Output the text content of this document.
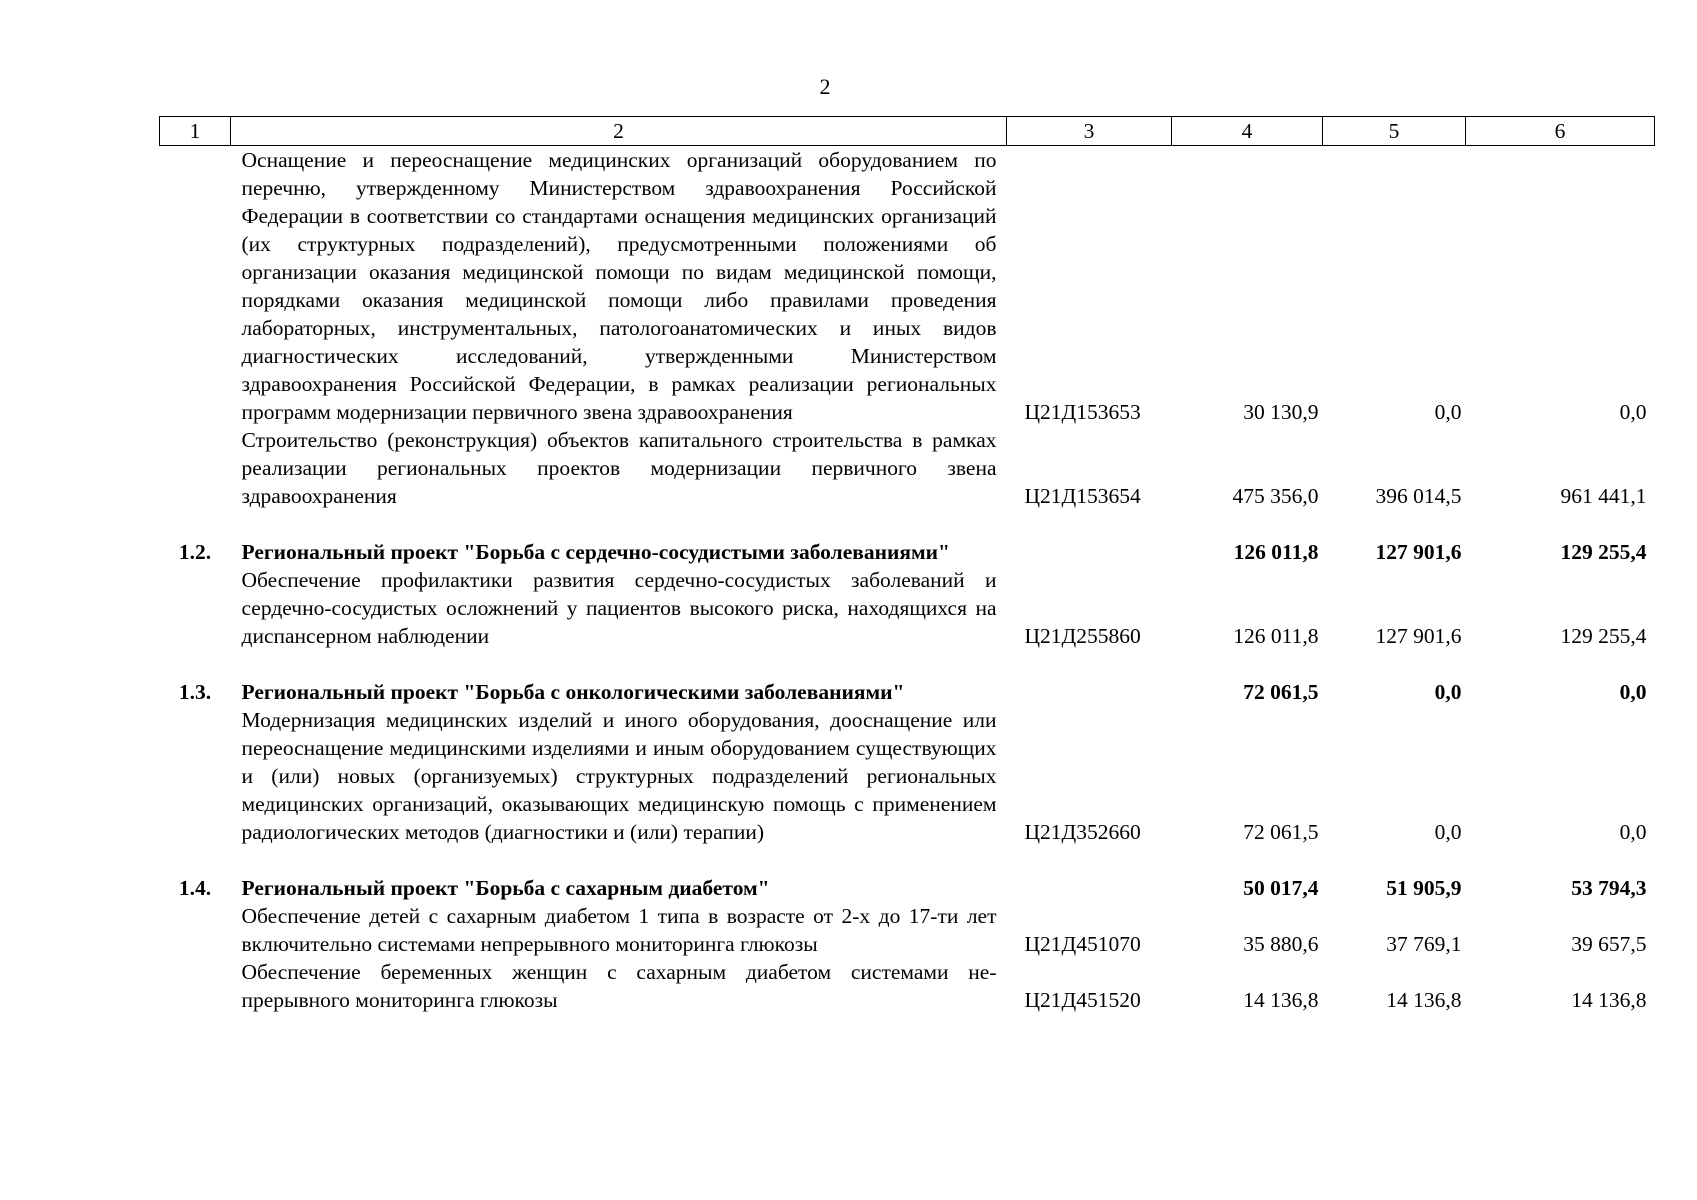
2
1	2	3	4	5	6
	Оснащение и переоснащение медицинских организаций оборудованием по перечню, утвержденному Министерством здравоохранения Российской Федерации в соответствии со стандартами оснащения медицинских организаций (их структурных подразделений), предусмотренными положениями об организации оказания медицинской помощи по видам медицинской помощи, порядками оказания медицинской помощи либо правилами проведения лабораторных, инструментальных, патологоанатомических и иных видов диагностических исследований, утвержденными Министерством здравоохранения Российской Федерации, в рамках реализации региональных программ модернизации первичного звена здравоохранения	Ц21Д153653	30 130,9	0,0	0,0
	Строительство (реконструкция) объектов капитального строительства в рамках реализации региональных проектов модернизации первичного звена здравоохранения	Ц21Д153654	475 356,0	396 014,5	961 441,1

1.2.	Региональный проект "Борьба с сердечно-сосудистыми заболеваниями"		126 011,8	127 901,6	129 255,4
	Обеспечение профилактики развития сердечно-сосудистых заболеваний и сердечно-сосудистых осложнений у пациентов высокого риска, находящихся на диспансерном наблюдении	Ц21Д255860	126 011,8	127 901,6	129 255,4

1.3.	Региональный проект "Борьба с онкологическими заболеваниями"		72 061,5	0,0	0,0
	Модернизация медицинских изделий и иного оборудования, дооснащение или переоснащение медицинскими изделиями и иным оборудованием существующих и (или) новых (организуемых) структурных подразделений региональных медицинских организаций, оказывающих медицинскую помощь с применением радиологических методов (диагностики и (или) терапии)	Ц21Д352660	72 061,5	0,0	0,0

1.4.	Региональный проект "Борьба с сахарным диабетом"		50 017,4	51 905,9	53 794,3
	Обеспечение детей с сахарным диабетом 1 типа в возрасте от 2-х до 17-ти лет включительно системами непрерывного мониторинга глюкозы	Ц21Д451070	35 880,6	37 769,1	39 657,5
	Обеспечение беременных женщин с сахарным диабетом системами непрерывного мониторинга глюкозы	Ц21Д451520	14 136,8	14 136,8	14 136,8
